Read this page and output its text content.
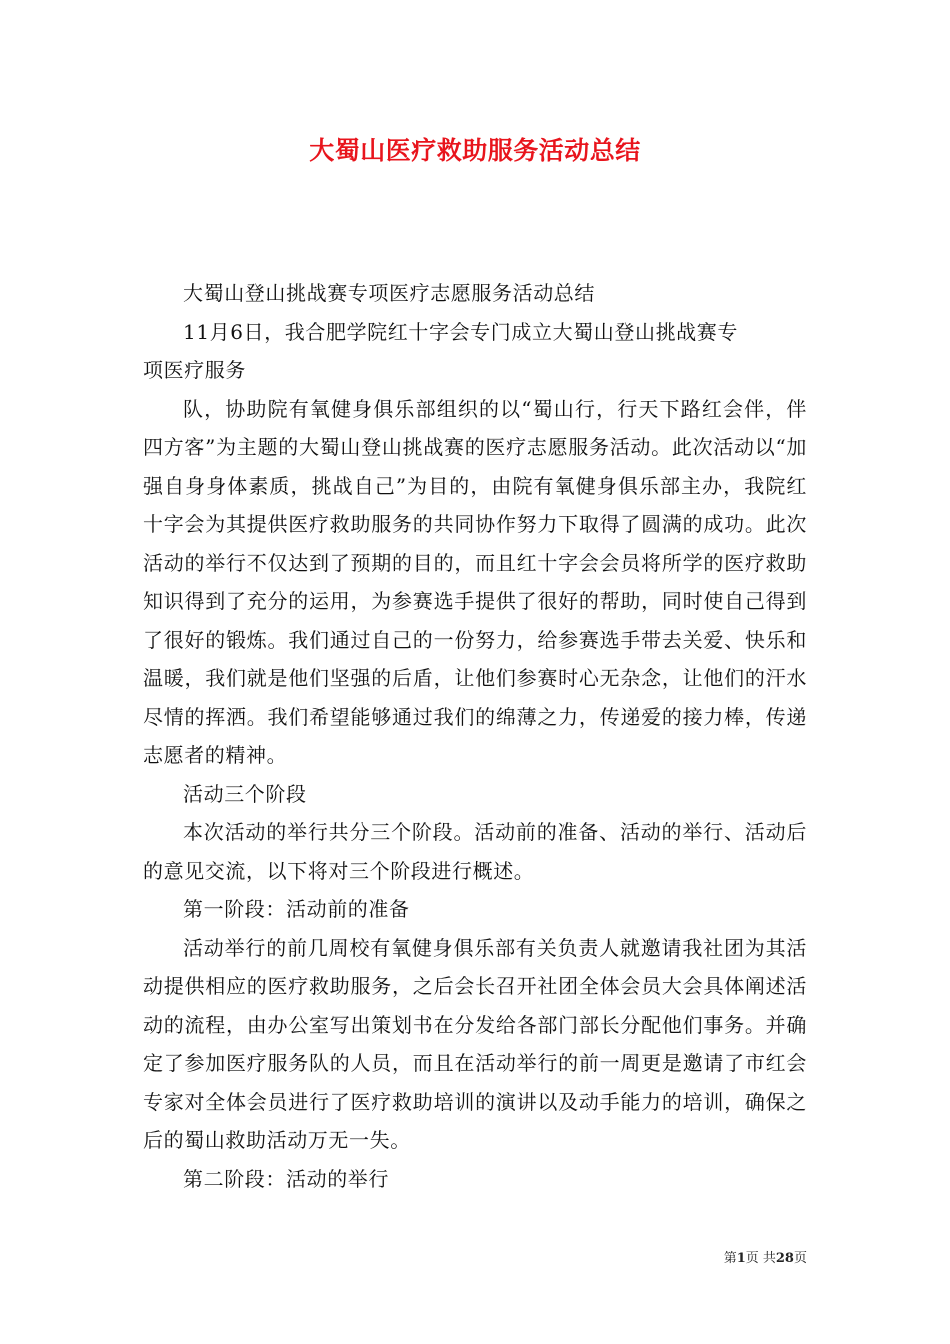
大蜀山医疗救助服务活动总结

大蜀山登山挑战赛专项医疗志愿服务活动总结

11月6日，我合肥学院红十字会专门成立大蜀山登山挑战赛专

项医疗服务

队，协助院有氧健身俱乐部组织的以“蜀山行，行天下路红会伴，伴四方客”为主题的大蜀山登山挑战赛的医疗志愿服务活动。此次活动以“加强自身身体素质，挑战自己”为目的，由院有氧健身俱乐部主办，我院红十字会为其提供医疗救助服务的共同协作努力下取得了圆满的成功。此次活动的举行不仅达到了预期的目的，而且红十字会会员将所学的医疗救助知识得到了充分的运用，为参赛选手提供了很好的帮助，同时使自己得到了很好的锻炼。我们通过自己的一份努力，给参赛选手带去关爱、快乐和温暖，我们就是他们坚强的后盾，让他们参赛时心无杂念，让他们的汗水尽情的挥洒。我们希望能够通过我们的绵薄之力，传递爱的接力棒，传递志愿者的精神。

活动三个阶段

本次活动的举行共分三个阶段。活动前的准备、活动的举行、活动后的意见交流，以下将对三个阶段进行概述。

第一阶段：活动前的准备

活动举行的前几周校有氧健身俱乐部有关负责人就邀请我社团为其活动提供相应的医疗救助服务，之后会长召开社团全体会员大会具体阐述活动的流程，由办公室写出策划书在分发给各部门部长分配他们事务。并确定了参加医疗服务队的人员，而且在活动举行的前一周更是邀请了市红会专家对全体会员进行了医疗救助培训的演讲以及动手能力的培训，确保之后的蜀山救助活动万无一失。

第二阶段：活动的举行

第1页 共28页
